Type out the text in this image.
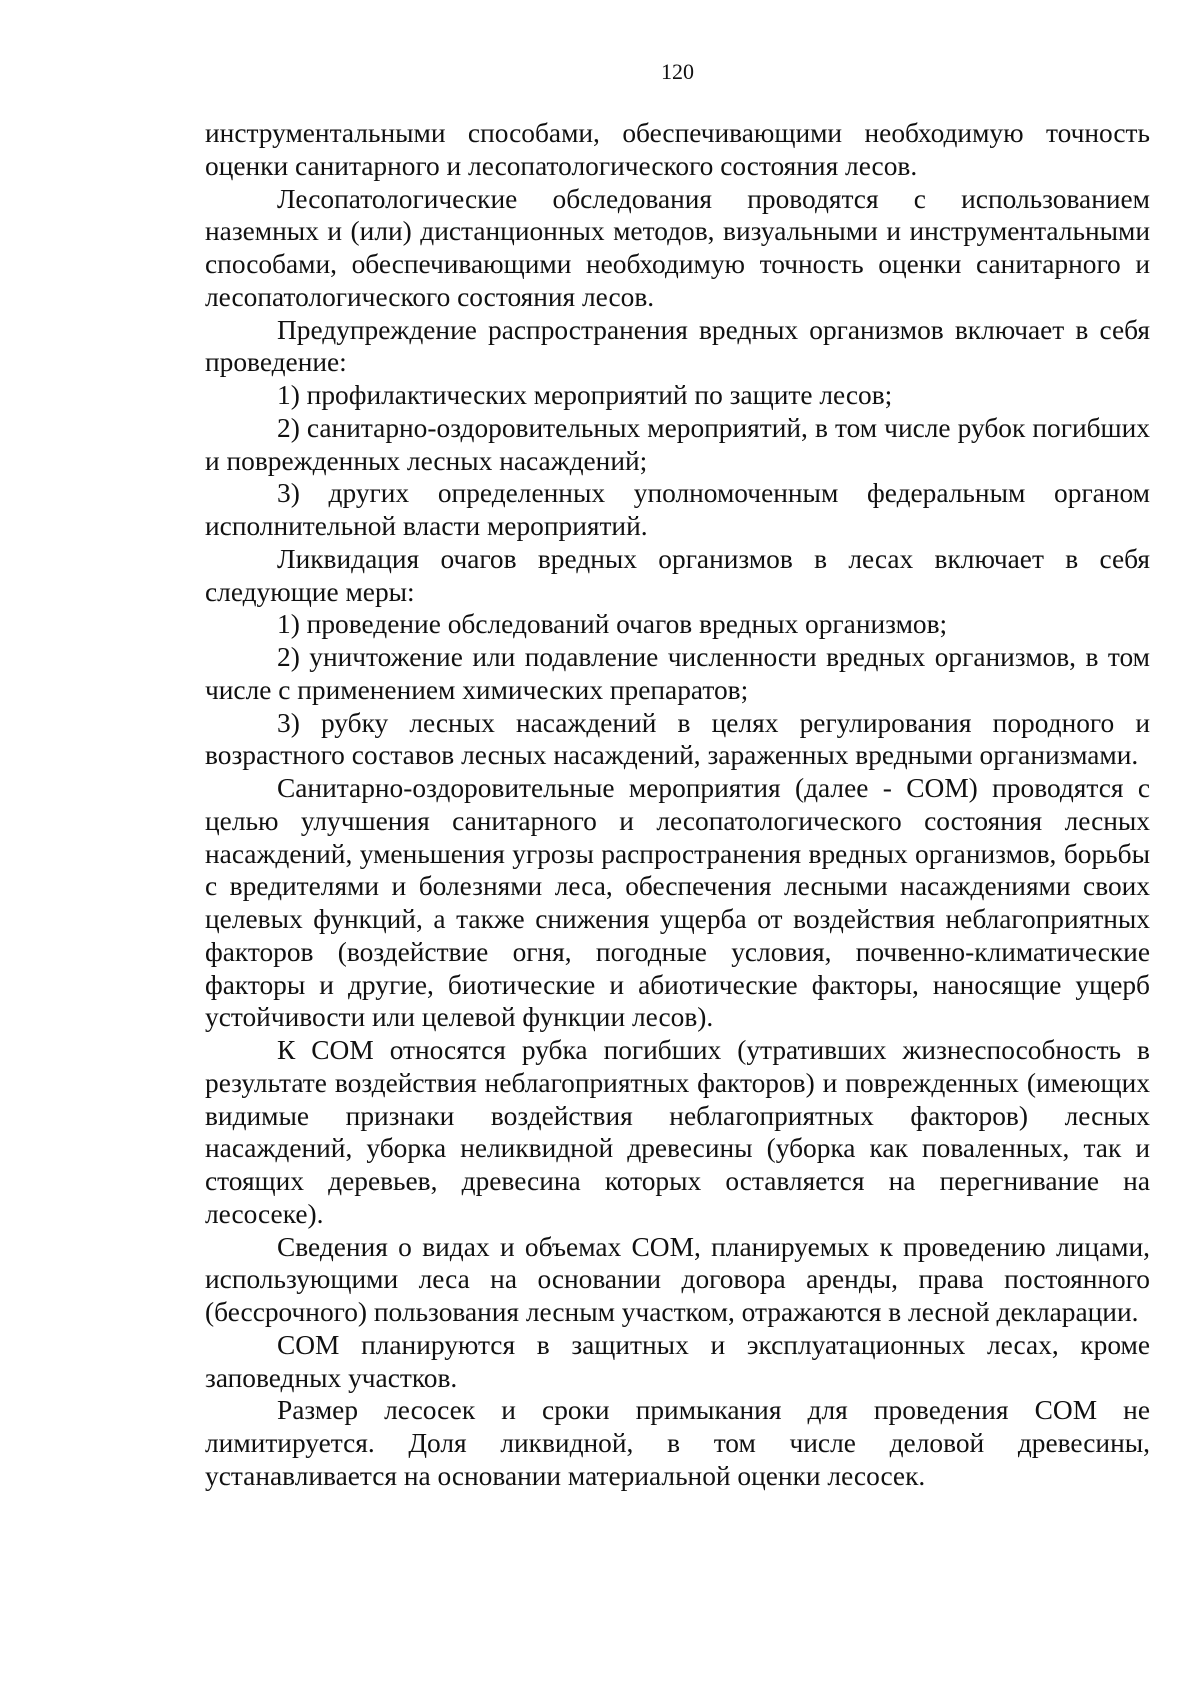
120

инструментальными способами, обеспечивающими необходимую точность оценки санитарного и лесопатологического состояния лесов.

Лесопатологические обследования проводятся с использованием наземных и (или) дистанционных методов, визуальными и инструментальными способами, обеспечивающими необходимую точность оценки санитарного и лесопатологического состояния лесов.

Предупреждение распространения вредных организмов включает в себя проведение:

1) профилактических мероприятий по защите лесов;

2) санитарно-оздоровительных мероприятий, в том числе рубок погибших и поврежденных лесных насаждений;

3) других определенных уполномоченным федеральным органом исполнительной власти мероприятий.

Ликвидация очагов вредных организмов в лесах включает в себя следующие меры:

1) проведение обследований очагов вредных организмов;

2) уничтожение или подавление численности вредных организмов, в том числе с применением химических препаратов;

3) рубку лесных насаждений в целях регулирования породного и возрастного составов лесных насаждений, зараженных вредными организмами.

Санитарно-оздоровительные мероприятия (далее - СОМ) проводятся с целью улучшения санитарного и лесопатологического состояния лесных насаждений, уменьшения угрозы распространения вредных организмов, борьбы с вредителями и болезнями леса, обеспечения лесными насаждениями своих целевых функций, а также снижения ущерба от воздействия неблагоприятных факторов (воздействие огня, погодные условия, почвенно-климатические факторы и другие, биотические и абиотические факторы, наносящие ущерб устойчивости или целевой функции лесов).

К СОМ относятся рубка погибших (утративших жизнеспособность в результате воздействия неблагоприятных факторов) и поврежденных (имеющих видимые признаки воздействия неблагоприятных факторов) лесных насаждений, уборка неликвидной древесины (уборка как поваленных, так и стоящих деревьев, древесина которых оставляется на перегнивание на лесосеке).

Сведения о видах и объемах СОМ, планируемых к проведению лицами, использующими леса на основании договора аренды, права постоянного (бессрочного) пользования лесным участком, отражаются в лесной декларации.

СОМ планируются в защитных и эксплуатационных лесах, кроме заповедных участков.

Размер лесосек и сроки примыкания для проведения СОМ не лимитируется. Доля ликвидной, в том числе деловой древесины, устанавливается на основании материальной оценки лесосек.
